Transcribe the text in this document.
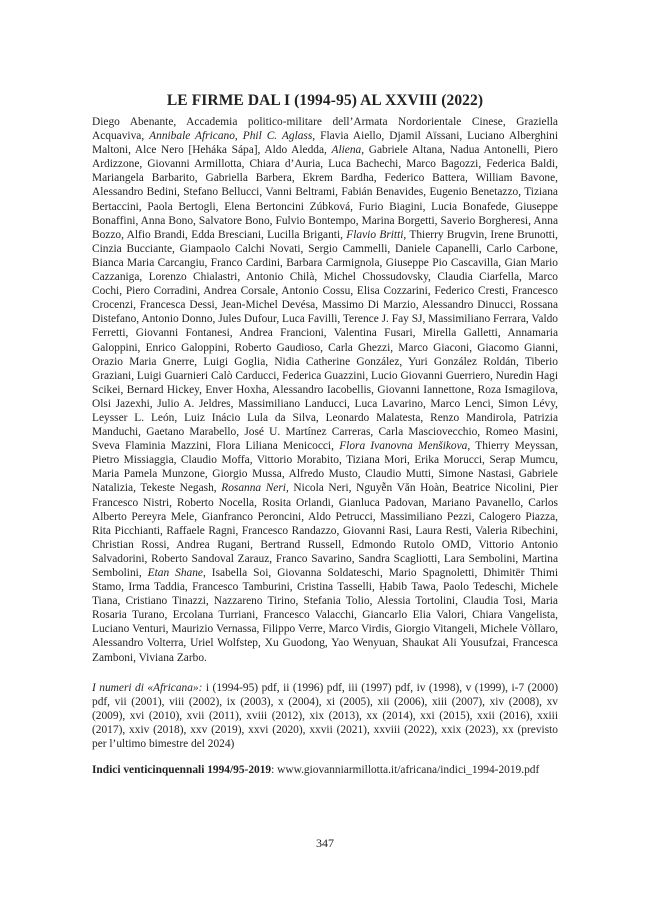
LE FIRME DAL I (1994-95) AL XXVIII (2022)

Diego Abenante, Accademia politico-militare dell’Armata Nordorientale Cinese, Graziella Acquaviva, Annibale Africano, Phil C. Aglass, Flavia Aiello, Djamil Aïssani, Luciano Alberghini Maltoni, Alce Nero [Heháka Sápa], Aldo Aledda, Aliena, Gabriele Altana, Nadua Antonelli, Piero Ardizzone, Giovanni Armillotta, Chiara d’Auria, Luca Bachechi, Marco Bagozzi, Federica Baldi, Mariangela Barbarito, Gabriella Barbera, Ekrem Bardha, Federico Battera, William Bavone, Alessandro Bedini, Stefano Bellucci, Vanni Beltrami, Fabián Benavides, Eugenio Benetazzo, Tiziana Bertaccini, Paola Bertogli, Elena Bertoncini Zúbková, Furio Biagini, Lucia Bonafede, Giuseppe Bonaffini, Anna Bono, Salvatore Bono, Fulvio Bontempo, Marina Borgetti, Saverio Borgheresi, Anna Bozzo, Alfio Brandi, Edda Bresciani, Lucilla Briganti, Flavio Britti, Thierry Brugvin, Irene Brunotti, Cinzia Bucciante, Giampaolo Calchi Novati, Sergio Cammelli, Daniele Capanelli, Carlo Carbone, Bianca Maria Carcangiu, Franco Cardini, Barbara Carmignola, Giuseppe Pio Cascavilla, Gian Mario Cazzaniga, Lorenzo Chialastri, Antonio Chilà, Michel Chossudovsky, Claudia Ciarfella, Marco Cochi, Piero Corradini, Andrea Corsale, Antonio Cossu, Elisa Cozzarini, Federico Cresti, Francesco Crocenzi, Francesca Dessi, Jean-Michel Devésa, Massimo Di Marzio, Alessandro Dinucci, Rossana Distefano, Antonio Donno, Jules Dufour, Luca Favilli, Terence J. Fay SJ, Massimiliano Ferrara, Valdo Ferretti, Giovanni Fontanesi, Andrea Francioni, Valentina Fusari, Mirella Galletti, Annamaria Galoppini, Enrico Galoppini, Roberto Gaudioso, Carla Ghezzi, Marco Giaconi, Giacomo Gianni, Orazio Maria Gnerre, Luigi Goglia, Nidia Catherine González, Yuri González Roldán, Tiberio Graziani, Luigi Guarnieri Calò Carducci, Federica Guazzini, Lucio Giovanni Guerriero, Nuredin Hagi Scikei, Bernard Hickey, Enver Hoxha, Alessandro Iacobellis, Giovanni Iannettone, Roza Ismagilova, Olsi Jazexhi, Julio A. Jeldres, Massimiliano Landucci, Luca Lavarino, Marco Lenci, Simon Lévy, Leysser L. León, Luiz Inácio Lula da Silva, Leonardo Malatesta, Renzo Mandirola, Patrizia Manduchi, Gaetano Marabello, José U. Martínez Carreras, Carla Masciovecchio, Romeo Masini, Sveva Flaminia Mazzini, Flora Liliana Menicocci, Flora Ivanovna Menšikova, Thierry Meyssan, Pietro Missiaggia, Claudio Moffa, Vittorio Morabito, Tiziana Mori, Erika Morucci, Serap Mumcu, Maria Pamela Munzone, Giorgio Mussa, Alfredo Musto, Claudio Mutti, Simone Nastasi, Gabriele Natalizia, Tekeste Negash, Rosanna Neri, Nicola Neri, Nguyễn Văn Hoàn, Beatrice Nicolini, Pier Francesco Nistri, Roberto Nocella, Rosita Orlandi, Gianluca Padovan, Mariano Pavanello, Carlos Alberto Pereyra Mele, Gianfranco Peroncini, Aldo Petrucci, Massimiliano Pezzi, Calogero Piazza, Rita Picchianti, Raffaele Ragni, Francesco Randazzo, Giovanni Rasi, Laura Resti, Valeria Ribechini, Christian Rossi, Andrea Rugani, Bertrand Russell, Edmondo Rutolo OMD, Vittorio Antonio Salvadorini, Roberto Sandoval Zarauz, Franco Savarino, Sandra Scagliotti, Lara Sembolini, Martina Sembolini, Etan Shane, Isabella Soi, Giovanna Soldateschi, Mario Spagnoletti, Dhimitër Thimi Stamo, Irma Taddia, Francesco Tamburini, Cristina Tasselli, Ḥabib Tawa, Paolo Tedeschi, Michele Tiana, Cristiano Tinazzi, Nazzareno Tirino, Stefania Tolio, Alessia Tortolini, Claudia Tosi, Maria Rosaria Turano, Ercolana Turriani, Francesco Valacchi, Giancarlo Elia Valori, Chiara Vangelista, Luciano Venturi, Maurizio Vernassa, Filippo Verre, Marco Virdis, Giorgio Vitangeli, Michele Vòllaro, Alessandro Volterra, Uriel Wolfstep, Xu Guodong, Yao Wenyuan, Shaukat Ali Yousufzai, Francesca Zamboni, Viviana Zarbo.

I numeri di «Africana»: i (1994-95) pdf, ii (1996) pdf, iii (1997) pdf, iv (1998), v (1999), i-7 (2000) pdf, vii (2001), viii (2002), ix (2003), x (2004), xi (2005), xii (2006), xiii (2007), xiv (2008), xv (2009), xvi (2010), xvii (2011), xviii (2012), xix (2013), xx (2014), xxi (2015), xxii (2016), xxiii (2017), xxiv (2018), xxv (2019), xxvi (2020), xxvii (2021), xxviii (2022), xxix (2023), xx (previsto per l’ultimo bimestre del 2024)

Indici venticinquennali 1994/95-2019: www.giovanniarmillotta.it/africana/indici_1994-2019.pdf

347
